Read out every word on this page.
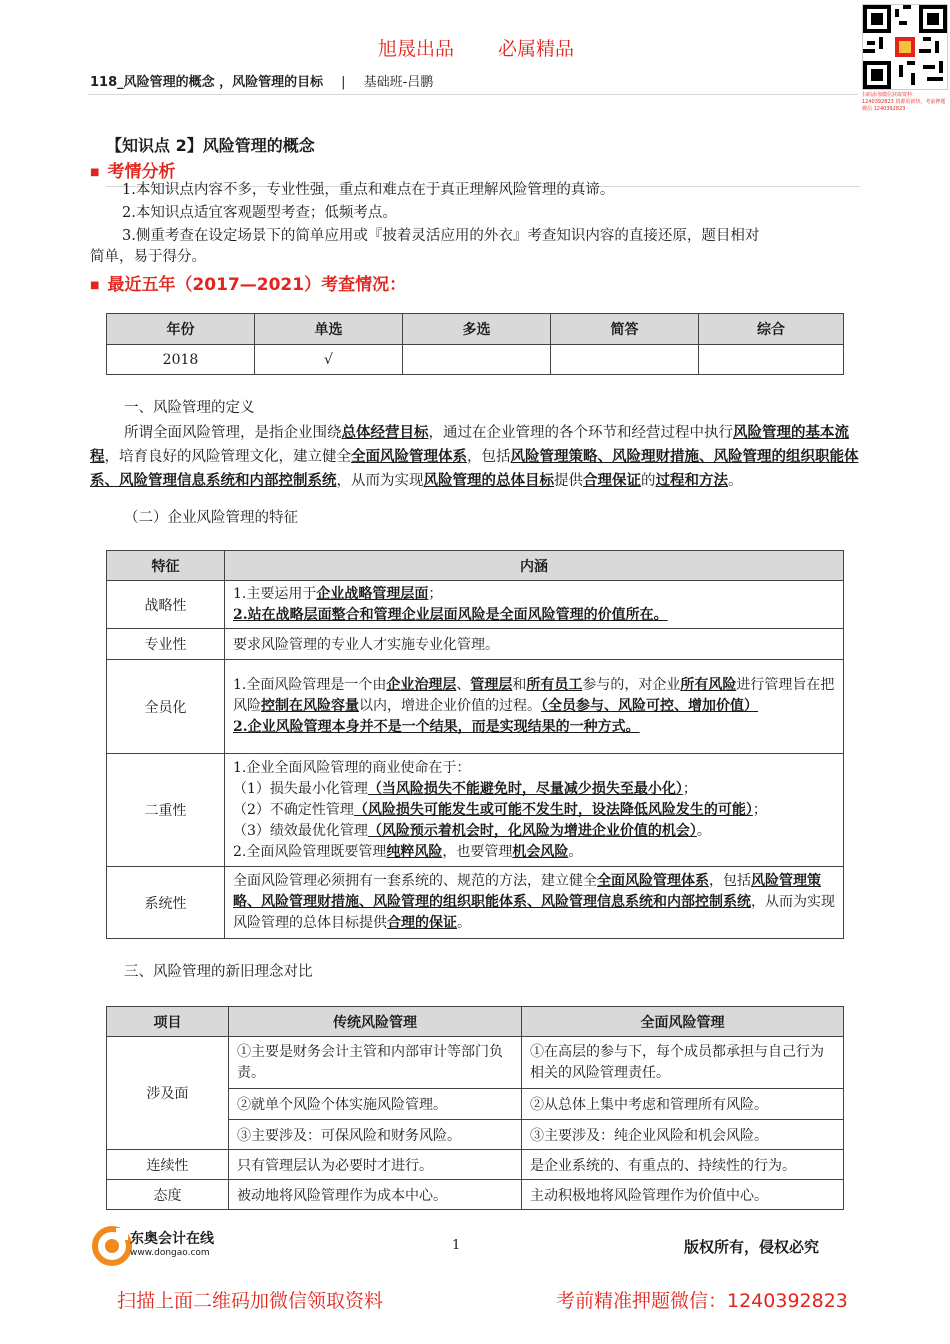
旭晟出品 必属精品
扫码添加微信获取资料：1240392823 资源更新快，考前押题微信 1240392823
118_风险管理的概念 ，风险管理的目标 | 基础班-吕鹏
【知识点 2】风险管理的概念
■ 考情分析
1.本知识点内容不多，专业性强，重点和难点在于真正理解风险管理的真谛。
2.本知识点适宜客观题型考查；低频考点。
3.侧重考查在设定场景下的简单应用或『披着灵活应用的外衣』考查知识内容的直接还原，题目相对
简单，易于得分。
■ 最近五年（2017—2021）考查情况：
年份	单选	多选	简答	综合
2018	√			
一、风险管理的定义
所谓全面风险管理，是指企业围绕总体经营目标，通过在企业管理的各个环节和经营过程中执行风险管理的基本流程，培育良好的风险管理文化，建立健全全面风险管理体系，包括风险管理策略、风险理财措施、风险管理的组织职能体系、风险管理信息系统和内部控制系统，从而为实现风险管理的总体目标提供合理保证的过程和方法。
（二）企业风险管理的特征
特征	内涵
战略性	1.主要运用于企业战略管理层面；
2.站在战略层面整合和管理企业层面风险是全面风险管理的价值所在。

专业性	要求风险管理的专业人才实施专业化管理。
全员化	1.全面风险管理是一个由企业治理层、管理层和所有员工参与的，对企业所有风险进行管理旨在把风险控制在风险容量以内，增进企业价值的过程。（全员参与、风险可控、增加价值）
2.企业风险管理本身并不是一个结果，而是实现结果的一种方式。

二重性	1.企业全面风险管理的商业使命在于：
（1）损失最小化管理（当风险损失不能避免时，尽量减少损失至最小化）；
（2）不确定性管理（风险损失可能发生或可能不发生时，设法降低风险发生的可能）；
（3）绩效最优化管理（风险预示着机会时，化风险为增进企业价值的机会）。
2.全面风险管理既要管理纯粹风险，也要管理机会风险。

系统性	全面风险管理必须拥有一套系统的、规范的方法，建立健全全面风险管理体系，包括风险管理策略、风险管理财措施、风险管理的组织职能体系、风险管理信息系统和内部控制系统，从而为实现风险管理的总体目标提供合理的保证。
三、风险管理的新旧理念对比
项目	传统风险管理	全面风险管理
涉及面	①主要是财务会计主管和内部审计等部门负责。	①在高层的参与下，每个成员都承担与自己行为相关的风险管理责任。
	②就单个风险个体实施风险管理。	②从总体上集中考虑和管理所有风险。
	③主要涉及：可保风险和财务风险。	③主要涉及：纯企业风险和机会风险。
连续性	只有管理层认为必要时才进行。	是企业系统的、有重点的、持续性的行为。
态度	被动地将风险管理作为成本中心。	主动积极地将风险管理作为价值中心。
东奥会计在线
www.dongao.com	1	版权所有，侵权必究
扫描上面二维码加微信领取资料	考前精准押题微信：1240392823
